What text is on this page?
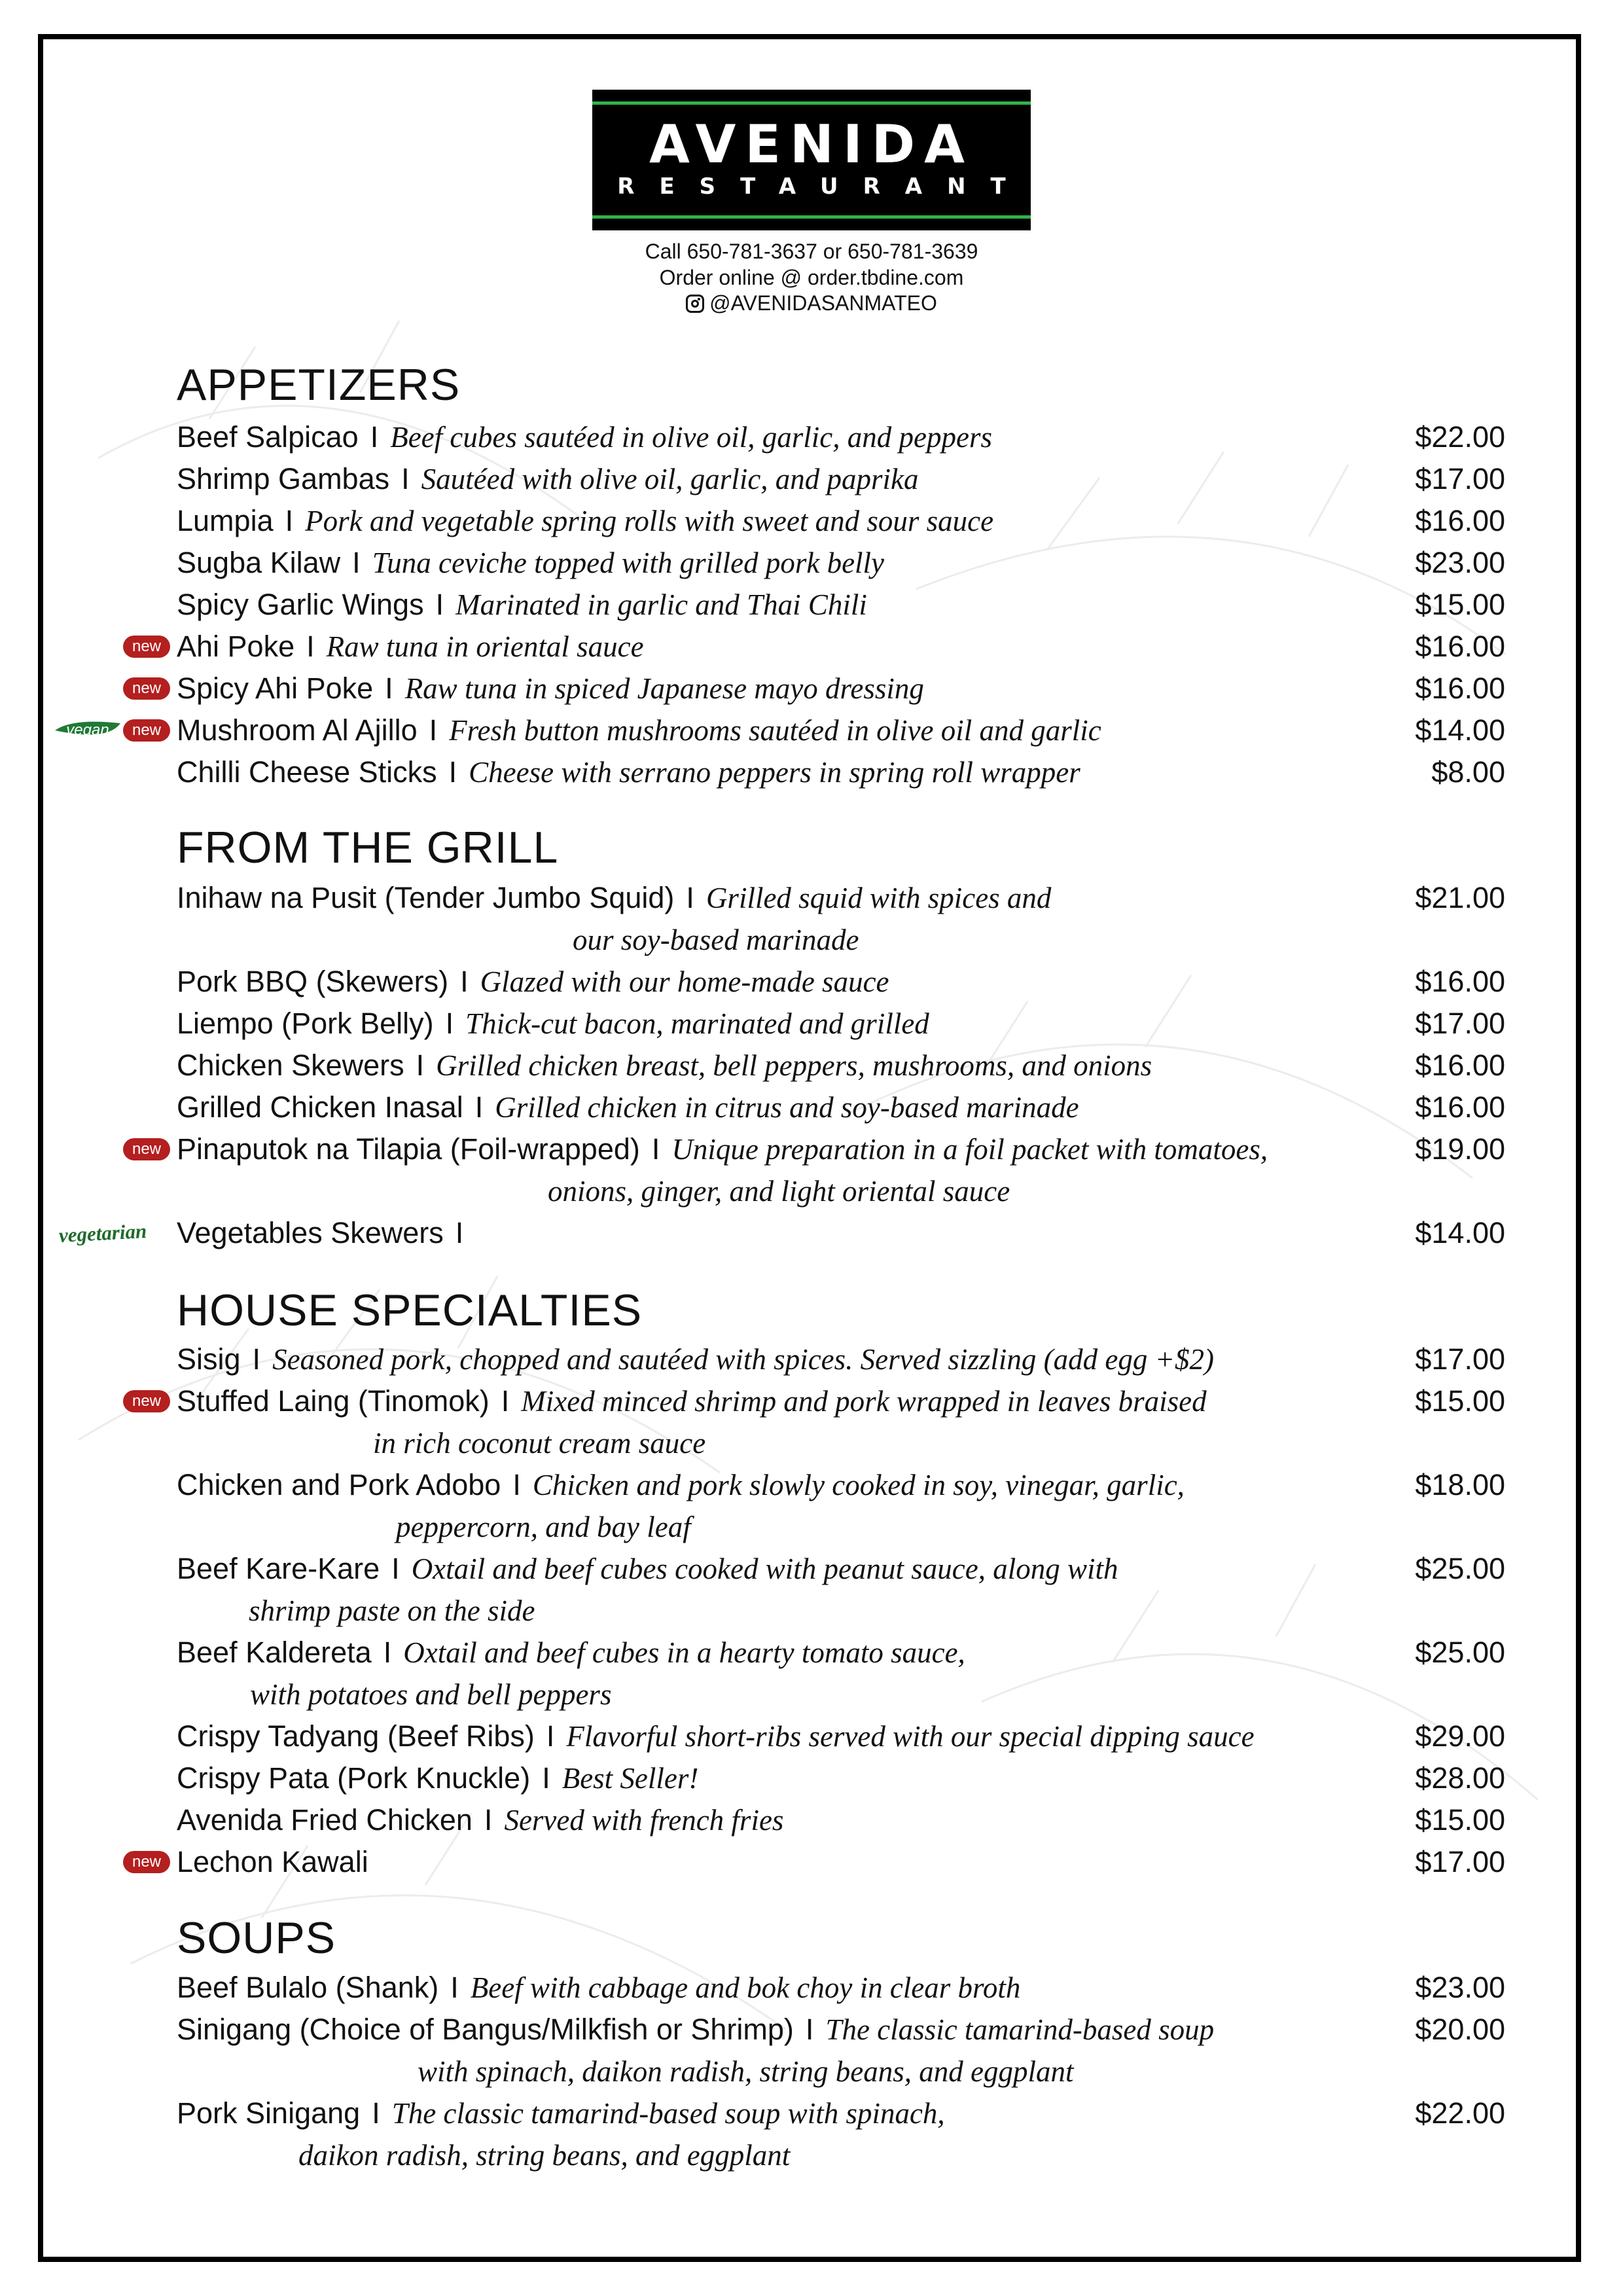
AVENIDA
RESTAURANT
Call 650-781-3637 or 650-781-3639
Order online @ order.tbdine.com
@AVENIDASANMATEO
APPETIZERS
Beef Salpicao I Beef cubes sautéed in olive oil, garlic, and peppers	$22.00
Shrimp Gambas I Sautéed with olive oil, garlic, and paprika	$17.00
Lumpia I Pork and vegetable spring rolls with sweet and sour sauce	$16.00
Sugba Kilaw I Tuna ceviche topped with grilled pork belly	$23.00
Spicy Garlic Wings I Marinated in garlic and Thai Chili	$15.00
Ahi Poke I Raw tuna in oriental sauce	$16.00
new
Spicy Ahi Poke I Raw tuna in spiced Japanese mayo dressing	$16.00
new
Mushroom Al Ajillo I Fresh button mushrooms sautéed in olive oil and garlic	$14.00
new
vegan
Chilli Cheese Sticks I Cheese with serrano peppers in spring roll wrapper	$8.00
FROM THE GRILL
Inihaw na Pusit (Tender Jumbo Squid) I Grilled squid with spices and
our soy-based marinade
$21.00
Pork BBQ (Skewers) I Glazed with our home-made sauce	$16.00
Liempo (Pork Belly) I Thick-cut bacon, marinated and grilled	$17.00
Chicken Skewers I Grilled chicken breast, bell peppers, mushrooms, and onions	$16.00
Grilled Chicken Inasal I Grilled chicken in citrus and soy-based marinade	$16.00
Pinaputok na Tilapia (Foil-wrapped) I Unique preparation in a foil packet with tomatoes,
onions, ginger, and light oriental sauce
$19.00
new
Vegetables Skewers I	$14.00
vegetarian
HOUSE SPECIALTIES
Sisig I Seasoned pork, chopped and sautéed with spices. Served sizzling (add egg +$2)	$17.00
Stuffed Laing (Tinomok) I Mixed minced shrimp and pork wrapped in leaves braised
in rich coconut cream sauce
$15.00
new
Chicken and Pork Adobo I Chicken and pork slowly cooked in soy, vinegar, garlic,
peppercorn, and bay leaf
$18.00
Beef Kare-Kare I Oxtail and beef cubes cooked with peanut sauce, along with
shrimp paste on the side
$25.00
Beef Kaldereta I Oxtail and beef cubes in a hearty tomato sauce,
with potatoes and bell peppers
$25.00
Crispy Tadyang (Beef Ribs) I Flavorful short-ribs served with our special dipping sauce	$29.00
Crispy Pata (Pork Knuckle) I Best Seller!	$28.00
Avenida Fried Chicken I Served with french fries	$15.00
Lechon Kawali	$17.00
new
SOUPS
Beef Bulalo (Shank) I Beef with cabbage and bok choy in clear broth	$23.00
Sinigang (Choice of Bangus/Milkfish or Shrimp) I The classic tamarind-based soup
with spinach, daikon radish, string beans, and eggplant
$20.00
Pork Sinigang I The classic tamarind-based soup with spinach,
daikon radish, string beans, and eggplant
$22.00
